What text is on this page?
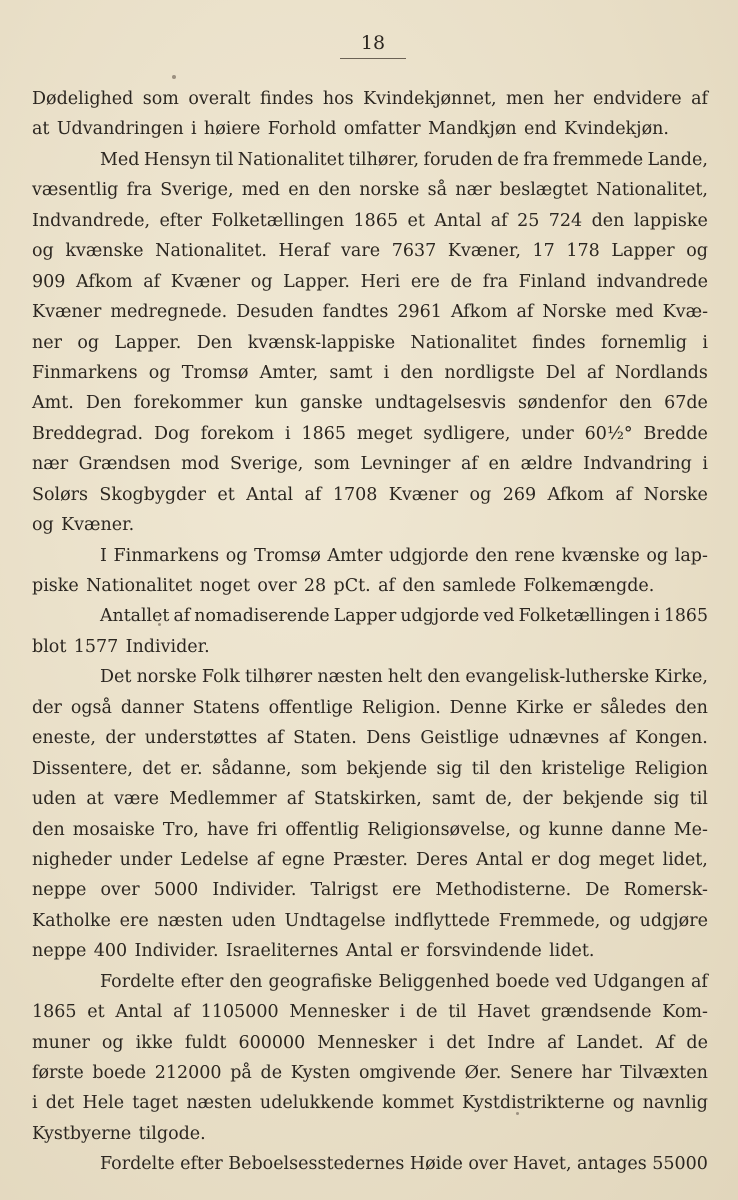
18
Dødelighed som overalt findes hos Kvindekjønnet, men her endvidere af
at Udvandringen i høiere Forhold omfatter Mandkjøn end Kvindekjøn.
Med Hensyn til Nationalitet tilhører, foruden de fra fremmede Lande,
væsentlig fra Sverige, med en den norske så nær beslægtet Nationalitet,
Indvandrede, efter Folketællingen 1865 et Antal af 25 724 den lappiske
og kvænske Nationalitet. Heraf vare 7637 Kvæner, 17 178 Lapper og
909 Afkom af Kvæner og Lapper. Heri ere de fra Finland indvandrede
Kvæner medregnede. Desuden fandtes 2961 Afkom af Norske med Kvæ-
ner og Lapper. Den kvænsk-lappiske Nationalitet findes fornemlig i
Finmarkens og Tromsø Amter, samt i den nordligste Del af Nordlands
Amt. Den forekommer kun ganske undtagelsesvis søndenfor den 67de
Breddegrad. Dog forekom i 1865 meget sydligere, under 60½° Bredde
nær Grændsen mod Sverige, som Levninger af en ældre Indvandring i
Solørs Skogbygder et Antal af 1708 Kvæner og 269 Afkom af Norske
og Kvæner.
I Finmarkens og Tromsø Amter udgjorde den rene kvænske og lap-
piske Nationalitet noget over 28 pCt. af den samlede Folkemængde.
Antallet af nomadiserende Lapper udgjorde ved Folketællingen i 1865
blot 1577 Individer.
Det norske Folk tilhører næsten helt den evangelisk-lutherske Kirke,
der også danner Statens offentlige Religion. Denne Kirke er således den
eneste, der understøttes af Staten. Dens Geistlige udnævnes af Kongen.
Dissentere, det er. sådanne, som bekjende sig til den kristelige Religion
uden at være Medlemmer af Statskirken, samt de, der bekjende sig til
den mosaiske Tro, have fri offentlig Religionsøvelse, og kunne danne Me-
nigheder under Ledelse af egne Præster. Deres Antal er dog meget lidet,
neppe over 5000 Individer. Talrigst ere Methodisterne. De Romersk-
Katholke ere næsten uden Undtagelse indflyttede Fremmede, og udgjøre
neppe 400 Individer. Israeliternes Antal er forsvindende lidet.
Fordelte efter den geografiske Beliggenhed boede ved Udgangen af
1865 et Antal af 1105000 Mennesker i de til Havet grændsende Kom-
muner og ikke fuldt 600000 Mennesker i det Indre af Landet. Af de
første boede 212000 på de Kysten omgivende Øer. Senere har Tilvæxten
i det Hele taget næsten udelukkende kommet Kystdistrikterne og navnlig
Kystbyerne tilgode.
Fordelte efter Beboelsesstedernes Høide over Havet, antages 55000
